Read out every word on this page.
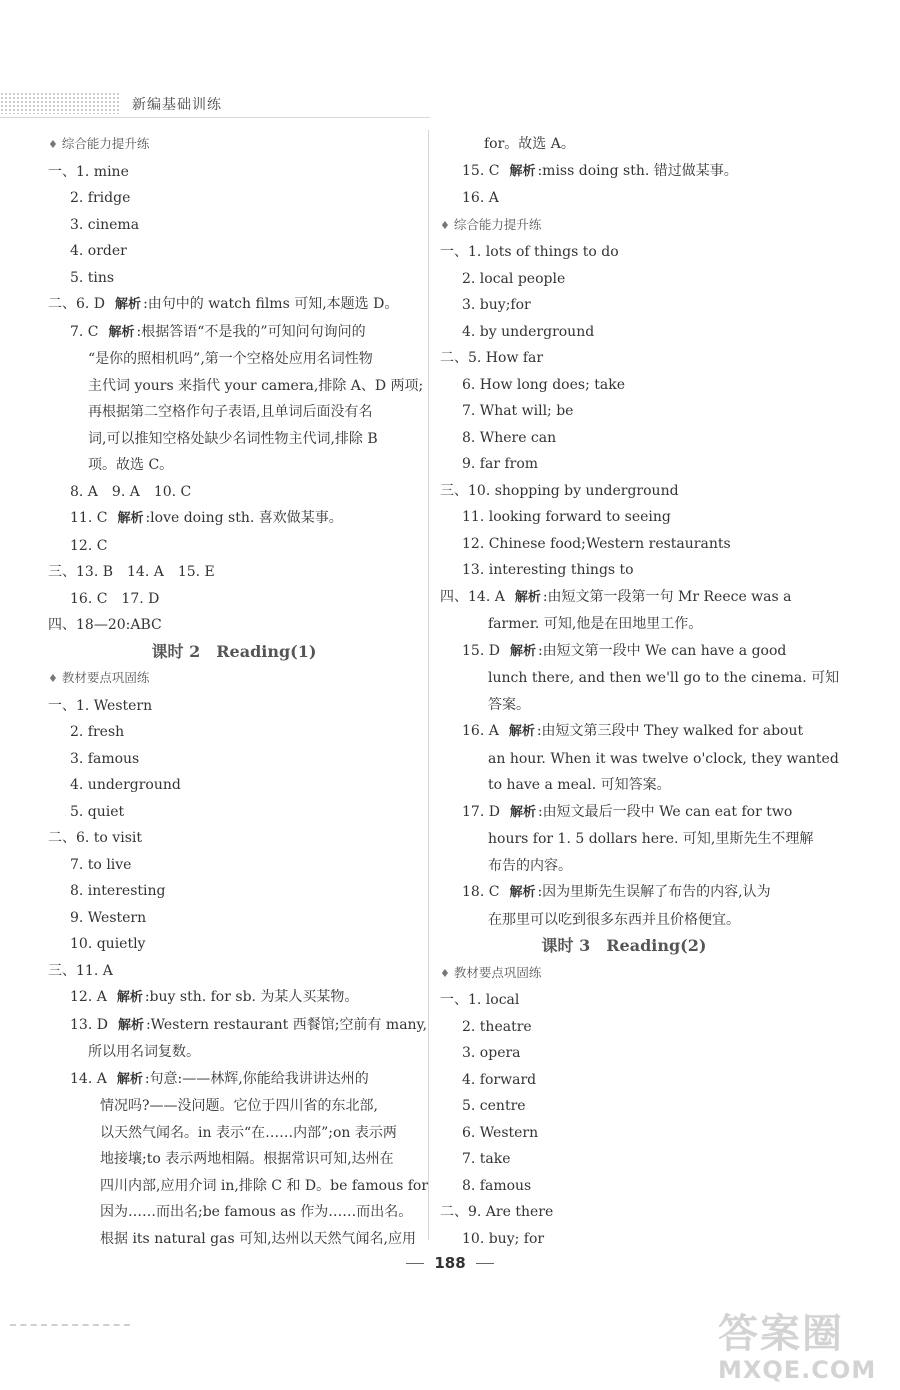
新编基础训练
♦ 综合能力提升练
一、1. mine
2. fridge
3. cinema
4. order
5. tins
二、6. D 解析 :由句中的 watch films 可知,本题选 D。
7. C 解析 :根据答语“不是我的”可知问句询问的
“是你的照相机吗”,第一个空格处应用名词性物
主代词 yours 来指代 your camera,排除 A、D 两项;
再根据第二空格作句子表语,且单词后面没有名
词,可以推知空格处缺少名词性物主代词,排除 B
项。故选 C。
8. A　9. A　10. C
11. C 解析 :love doing sth. 喜欢做某事。
12. C
三、13. B　14. A　15. E
16. C　17. D
四、18—20:ABC
课时 2　Reading(1)
♦ 教材要点巩固练
一、1. Western
2. fresh
3. famous
4. underground
5. quiet
二、6. to visit
7. to live
8. interesting
9. Western
10. quietly
三、11. A
12. A 解析 :buy sth. for sb. 为某人买某物。
13. D 解析 :Western restaurant 西餐馆;空前有 many,
所以用名词复数。
14. A 解析 :句意:——林辉,你能给我讲讲达州的
情况吗?——没问题。它位于四川省的东北部,
以天然气闻名。in 表示“在……内部”;on 表示两
地接壤;to 表示两地相隔。根据常识可知,达州在
四川内部,应用介词 in,排除 C 和 D。be famous for
因为……而出名;be famous as 作为……而出名。
根据 its natural gas 可知,达州以天然气闻名,应用
for。故选 A。
15. C 解析 :miss doing sth. 错过做某事。
16. A
♦ 综合能力提升练
一、1. lots of things to do
2. local people
3. buy;for
4. by underground
二、5. How far
6. How long does; take
7. What will; be
8. Where can
9. far from
三、10. shopping by underground
11. looking forward to seeing
12. Chinese food;Western restaurants
13. interesting things to
四、14. A 解析 :由短文第一段第一句 Mr Reece was a
farmer. 可知,他是在田地里工作。
15. D 解析 :由短文第一段中 We can have a good
lunch there, and then we'll go to the cinema. 可知
答案。
16. A 解析 :由短文第三段中 They walked for about
an hour. When it was twelve o'clock, they wanted
to have a meal. 可知答案。
17. D 解析 :由短文最后一段中 We can eat for two
hours for 1. 5 dollars here. 可知,里斯先生不理解
布告的内容。
18. C 解析 :因为里斯先生误解了布告的内容,认为
在那里可以吃到很多东西并且价格便宜。
课时 3　Reading(2)
♦ 教材要点巩固练
一、1. local
2. theatre
3. opera
4. forward
5. centre
6. Western
7. take
8. famous
二、9. Are there
10. buy; for
188
答案圈
MXQE.COM
